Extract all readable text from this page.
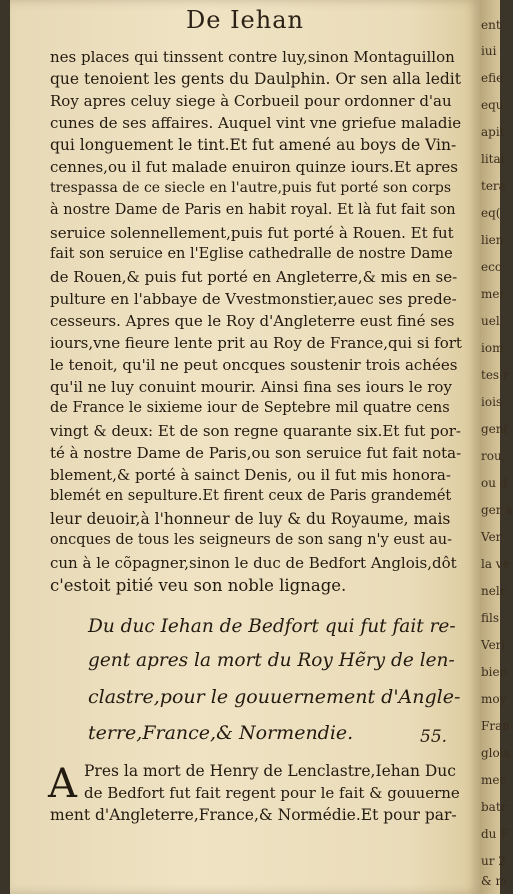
ent
iui
efie
equ
apit
litai
tera
eq(
lien
eco
mer
uel
iom
tes r
iois
gen(
rou,
ou d
ger a
Ver
la ve
nelr
fils
Veri
bien
moy
Fran
glois
mee
batr
du F
ur 2
& m
De Iehan
nes places qui tinssent contre luy,sinon Montaguillon
que tenoient les gents du Daulphin. Or sen alla ledit
Roy apres celuy siege à Corbueil pour ordonner d'au
cunes de ses affaires. Auquel vint vne griefue maladie
qui longuement le tint.Et fut amené au boys de Vin-
cennes,ou il fut malade enuiron quinze iours.Et apres
trespassa de ce siecle en l'autre,puis fut porté son corps
à nostre Dame de Paris en habit royal. Et là fut fait son
seruice solennellement,puis fut porté à Rouen. Et fut
fait son seruice en l'Eglise cathedralle de nostre Dame
de Rouen,& puis fut porté en Angleterre,& mis en se-
pulture en l'abbaye de Vvestmonstier,auec ses prede-
cesseurs. Apres que le Roy d'Angleterre eust finé ses
iours,vne fieure lente prit au Roy de France,qui si fort
le tenoit, qu'il ne peut oncques soustenir trois achées
qu'il ne luy conuint mourir. Ainsi fina ses iours le roy
de France le sixieme iour de Septebre mil quatre cens
vingt & deux: Et de son regne quarante six.Et fut por-
té à nostre Dame de Paris,ou son seruice fut fait nota-
blement,& porté à sainct Denis, ou il fut mis honora-
blemét en sepulture.Et firent ceux de Paris grandemét
leur deuoir,à l'honneur de luy & du Royaume, mais
oncques de tous les seigneurs de son sang n'y eust au-
cun à le cõpagner,sinon le duc de Bedfort Anglois,dôt
c'estoit pitié veu son noble lignage.
Du duc Iehan de Bedfort qui fut fait re-
gent apres la mort du Roy Hẽry de len-
clastre,pour le gouuernement d'Angle-
terre,France,& Normendie.	55.
A Pres la mort de Henry de Lenclastre,Iehan Duc
de Bedfort fut fait regent pour le fait & gouuerne
ment d'Angleterre,France,& Normédie.Et pour par-
